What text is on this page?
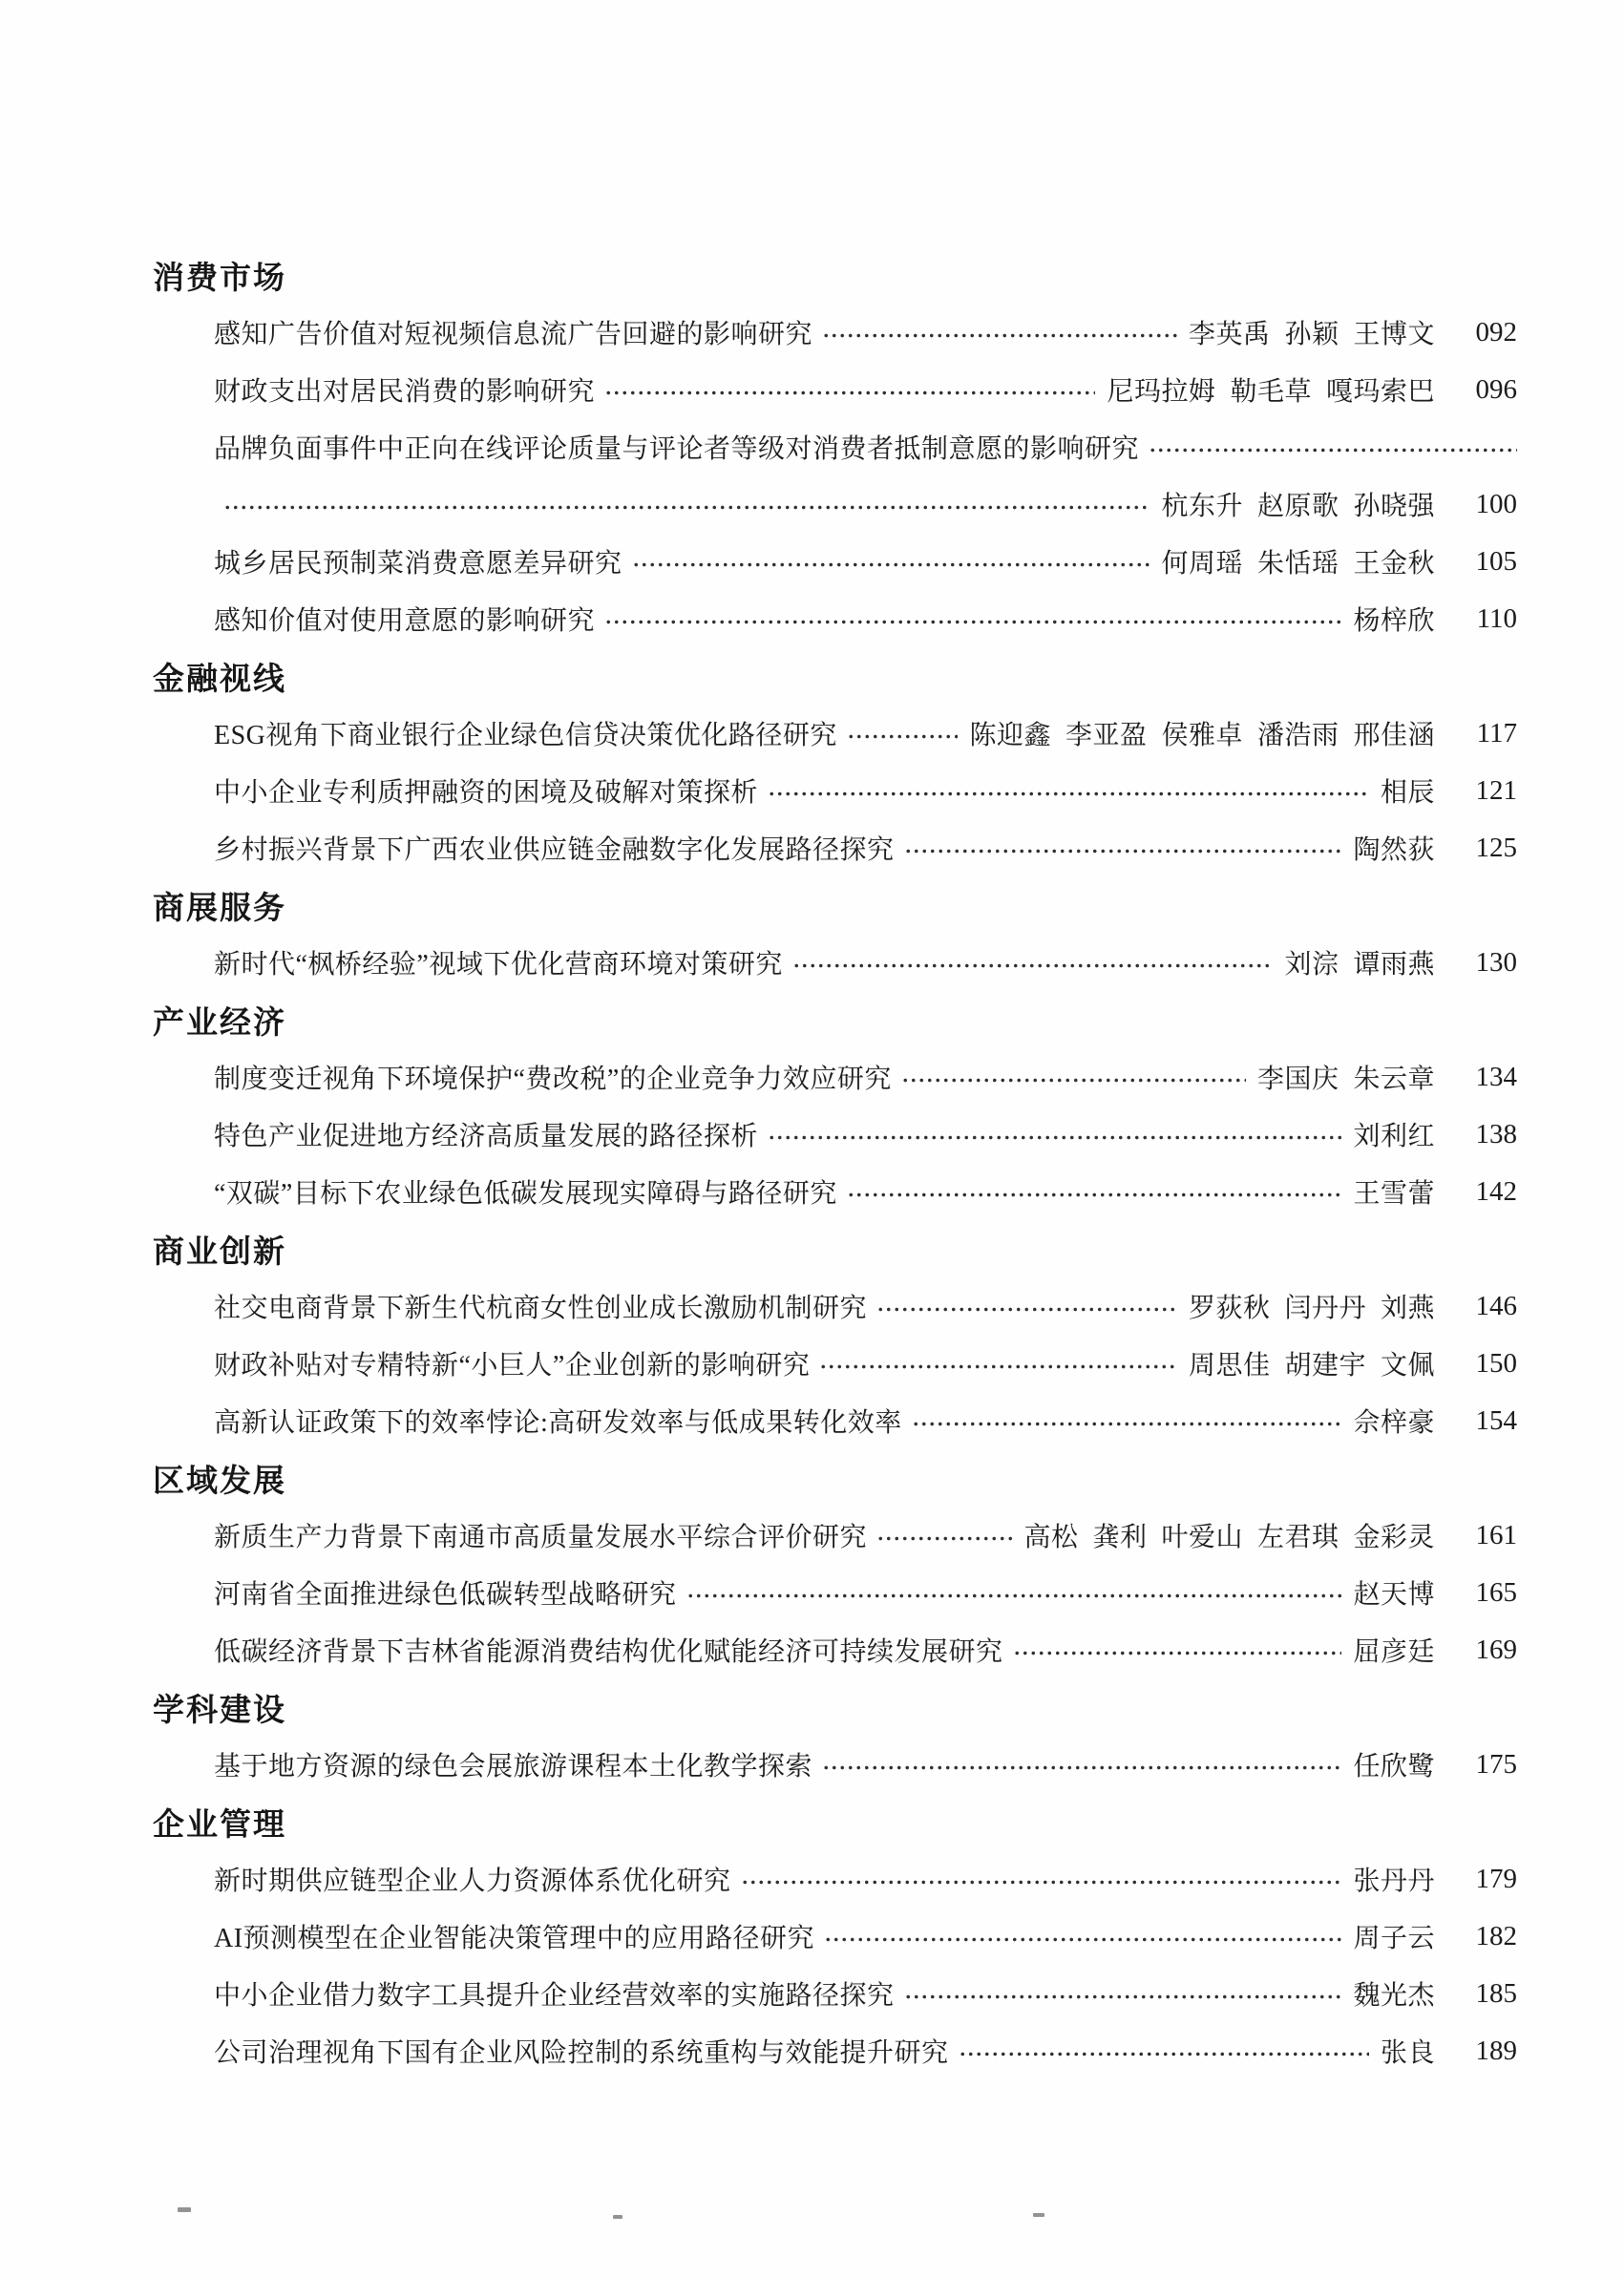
消费市场
感知广告价值对短视频信息流广告回避的影响研究	李英禹  孙颖  王博文	092
财政支出对居民消费的影响研究	尼玛拉姆  勒毛草  嘎玛索巴	096
品牌负面事件中正向在线评论质量与评论者等级对消费者抵制意愿的影响研究
杭东升  赵原歌  孙晓强	100
城乡居民预制菜消费意愿差异研究	何周瑶  朱恬瑶  王金秋	105
感知价值对使用意愿的影响研究	杨梓欣	110
金融视线
ESG视角下商业银行企业绿色信贷决策优化路径研究	陈迎鑫  李亚盈  侯雅卓  潘浩雨  邢佳涵	117
中小企业专利质押融资的困境及破解对策探析	相辰	121
乡村振兴背景下广西农业供应链金融数字化发展路径探究	陶然荻	125
商展服务
新时代“枫桥经验”视域下优化营商环境对策研究	刘淙  谭雨燕	130
产业经济
制度变迁视角下环境保护“费改税”的企业竞争力效应研究	李国庆  朱云章	134
特色产业促进地方经济高质量发展的路径探析	刘利红	138
“双碳”目标下农业绿色低碳发展现实障碍与路径研究	王雪蕾	142
商业创新
社交电商背景下新生代杭商女性创业成长激励机制研究	罗荻秋  闫丹丹  刘燕	146
财政补贴对专精特新“小巨人”企业创新的影响研究	周思佳  胡建宇  文佩	150
高新认证政策下的效率悖论:高研发效率与低成果转化效率	佘梓豪	154
区域发展
新质生产力背景下南通市高质量发展水平综合评价研究	高松  龚利  叶爱山  左君琪  金彩灵	161
河南省全面推进绿色低碳转型战略研究	赵天博	165
低碳经济背景下吉林省能源消费结构优化赋能经济可持续发展研究	屈彦廷	169
学科建设
基于地方资源的绿色会展旅游课程本土化教学探索	任欣鹭	175
企业管理
新时期供应链型企业人力资源体系优化研究	张丹丹	179
AI预测模型在企业智能决策管理中的应用路径研究	周子云	182
中小企业借力数字工具提升企业经营效率的实施路径探究	魏光杰	185
公司治理视角下国有企业风险控制的系统重构与效能提升研究	张良	189
